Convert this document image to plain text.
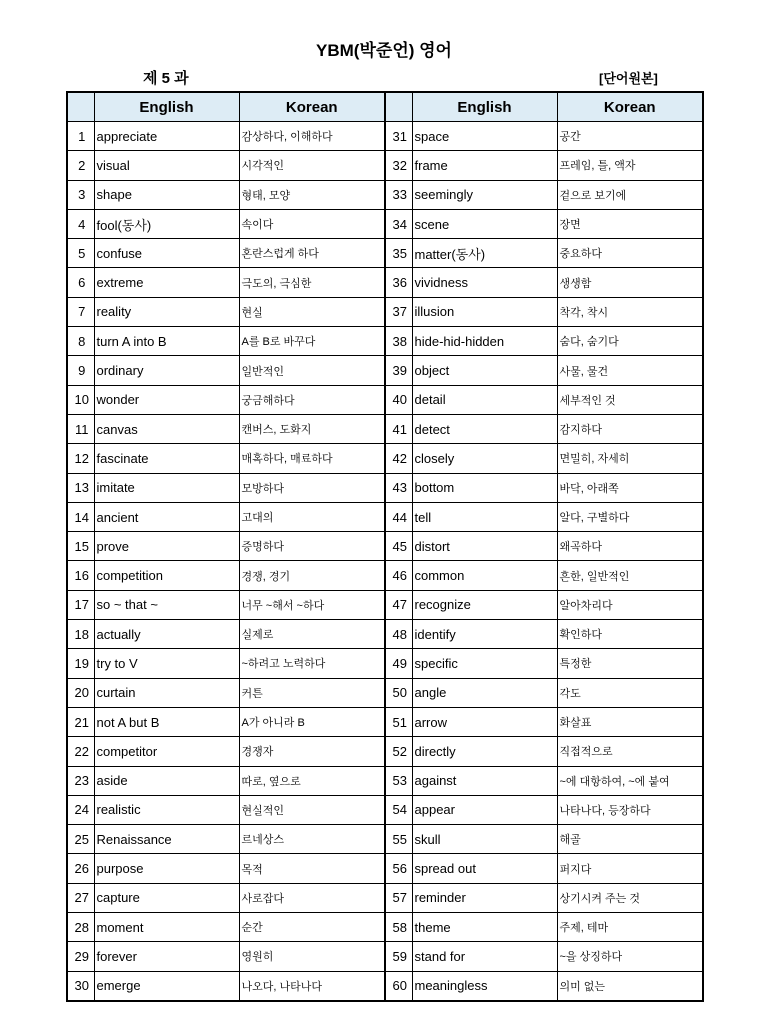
YBM(박준언) 영어
제 5 과	[단어원본]
	English	Korean		English	Korean
1	appreciate	감상하다, 이해하다	31	space	공간
2	visual	시각적인	32	frame	프레임, 틀, 액자
3	shape	형태, 모양	33	seemingly	겉으로 보기에
4	fool(동사)	속이다	34	scene	장면
5	confuse	혼란스럽게 하다	35	matter(동사)	중요하다
6	extreme	극도의, 극심한	36	vividness	생생함
7	reality	현실	37	illusion	착각, 착시
8	turn A into B	A를 B로 바꾸다	38	hide-hid-hidden	숨다, 숨기다
9	ordinary	일반적인	39	object	사물, 물건
10	wonder	궁금해하다	40	detail	세부적인 것
11	canvas	캔버스, 도화지	41	detect	감지하다
12	fascinate	매혹하다, 매료하다	42	closely	면밀히, 자세히
13	imitate	모방하다	43	bottom	바닥, 아래쪽
14	ancient	고대의	44	tell	알다, 구별하다
15	prove	증명하다	45	distort	왜곡하다
16	competition	경쟁, 경기	46	common	흔한, 일반적인
17	so ~ that ~	너무 ~해서 ~하다	47	recognize	알아차리다
18	actually	실제로	48	identify	확인하다
19	try to V	~하려고 노력하다	49	specific	특정한
20	curtain	커튼	50	angle	각도
21	not A but B	A가 아니라 B	51	arrow	화살표
22	competitor	경쟁자	52	directly	직접적으로
23	aside	따로, 옆으로	53	against	~에 대항하여, ~에 붙여
24	realistic	현실적인	54	appear	나타나다, 등장하다
25	Renaissance	르네상스	55	skull	해골
26	purpose	목적	56	spread out	퍼지다
27	capture	사로잡다	57	reminder	상기시켜 주는 것
28	moment	순간	58	theme	주제, 테마
29	forever	영원히	59	stand for	~을 상징하다
30	emerge	나오다, 나타나다	60	meaningless	의미 없는
